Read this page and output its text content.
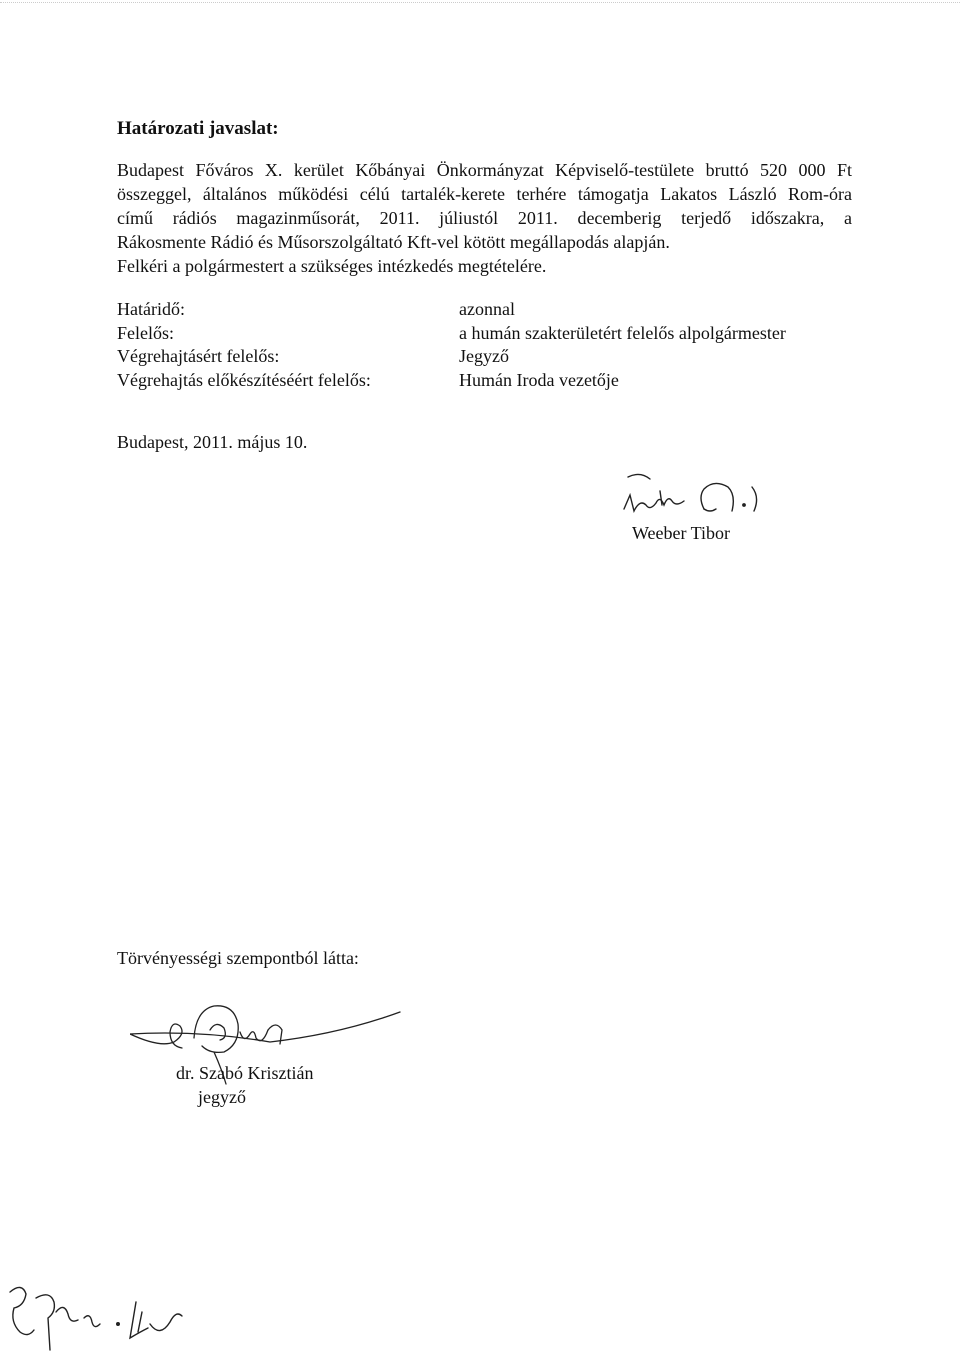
Határozati javaslat:
Budapest Főváros X. kerület Kőbányai Önkormányzat Képviselő-testülete bruttó 520 000 Ft
összeggel, általános működési célú tartalék-kerete terhére támogatja Lakatos László Rom-óra
című rádiós magazinműsorát, 2011. júliustól 2011. decemberig terjedő időszakra, a
Rákosmente Rádió és Műsorszolgáltató Kft-vel kötött megállapodás alapján.
Felkéri a polgármestert a szükséges intézkedés megtételére.
Határidő:	azonnal
Felelős:	a humán szakterületért felelős alpolgármester
Végrehajtásért felelős:	Jegyző
Végrehajtás előkészítéséért felelős:	Humán Iroda vezetője
Budapest, 2011. május 10.
Weeber Tibor
Törvényességi szempontból látta:
dr. Szabó Krisztián
jegyző
